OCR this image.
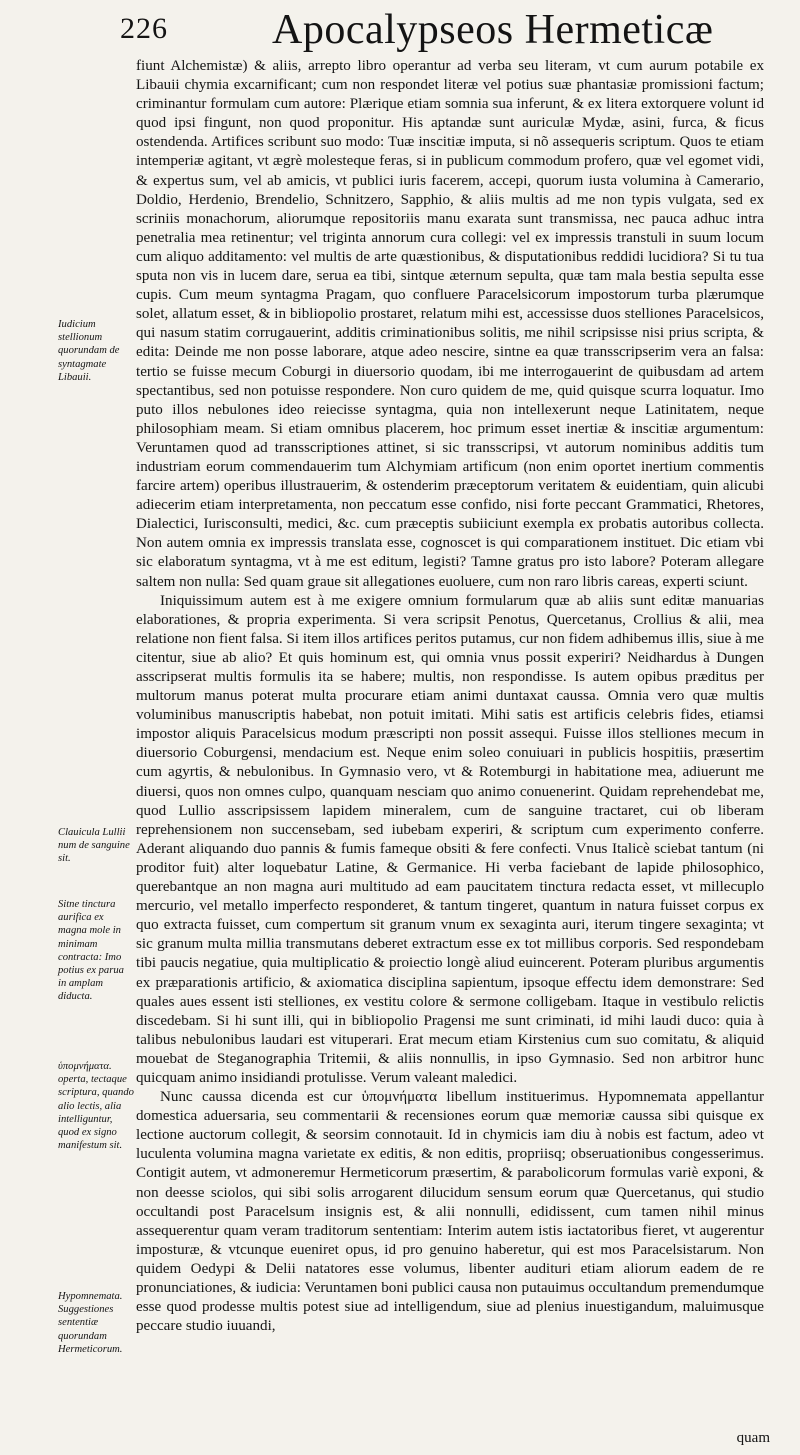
226 Apocalypseos Hermeticæ
Iudicium stellionum quorundam de syntagmate Libauii.
Clauicula Lullii num de sanguine sit.
Sitne tinctura aurifica ex magna mole in minimam contracta: Imo potius ex parua in amplam diducta.
ὑπομνήματα. operta, tectaque scriptura, quando alio lectis, alia intelliguntur, quod ex signo manifestum sit.
Hypomnemata. Suggestiones sententiæ quorundam Hermeticorum.

fiunt Alchemistæ) & aliis, arrepto libro operantur ad verba seu literam, vt cum aurum potabile ex Libauii chymia excarnificant; cum non respondet literæ vel potius suæ phantasiæ promissioni factum; criminantur formulam cum autore: Plærique etiam somnia sua inferunt, & ex litera extorquere volunt id quod ipsi fingunt, non quod proponitur. His aptandæ sunt auriculæ Mydæ, asini, furca, & ficus ostendenda. Artifices scribunt suo modo: Tuæ inscitiæ imputa, si nõ assequeris scriptum. Quos te etiam intemperiæ agitant, vt ægrè molesteque feras, si in publicum commodum profero, quæ vel egomet vidi, & expertus sum, vel ab amicis, vt publici iuris facerem, accepi, quorum iusta volumina à Camerario, Doldio, Herdenio, Brendelio, Schnitzero, Sapphio, & aliis multis ad me non typis vulgata, sed ex scriniis monachorum, aliorumque repositoriis manu exarata sunt transmissa, nec pauca adhuc intra penetralia mea retinentur; vel triginta annorum cura collegi: vel ex impressis transtuli in suum locum cum aliquo additamento: vel multis de arte quæstionibus, & disputationibus reddidi lucidiora? Si tu tua sputa non vis in lucem dare, serua ea tibi, sintque æternum sepulta, quæ tam mala bestia sepulta esse cupis. Cum meum syntagma Pragam, quo confluere Paracelsicorum impostorum turba plærumque solet, allatum esset, & in bibliopolio prostaret, relatum mihi est, accessisse duos stelliones Paracelsicos, qui nasum statim corrugauerint, additis criminationibus solitis, me nihil scripsisse nisi prius scripta, & edita: Deinde me non posse laborare, atque adeo nescire, sintne ea quæ transscripserim vera an falsa: tertio se fuisse mecum Coburgi in diuersorio quodam, ibi me interrogauerint de quibusdam ad artem spectantibus, sed non potuisse respondere. Non curo quidem de me, quid quisque scurra loquatur. Imo puto illos nebulones ideo reiecisse syntagma, quia non intellexerunt neque Latinitatem, neque philosophiam meam. Si etiam omnibus placerem, hoc primum esset inertiæ & inscitiæ argumentum: Veruntamen quod ad transscriptiones attinet, si sic transscripsi, vt autorum nominibus additis tum industriam eorum commendauerim tum Alchymiam artificum (non enim oportet inertium commentis farcire artem) operibus illustrauerim, & ostenderim præceptorum veritatem & euidentiam, quin alicubi adiecerim etiam interpretamenta, non peccatum esse confido, nisi forte peccant Grammatici, Rhetores, Dialectici, Iurisconsulti, medici, &c. cum præceptis subiiciunt exempla ex probatis autoribus collecta. Non autem omnia ex impressis translata esse, cognoscet is qui comparationem instituet. Dic etiam vbi sic elaboratum syntagma, vt à me est editum, legisti? Tamne gratus pro isto labore? Poteram allegare saltem non nulla: Sed quam graue sit allegationes euoluere, cum non raro libris careas, experti sciunt.

Iniquissimum autem est à me exigere omnium formularum quæ ab aliis sunt editæ manuarias elaborationes, & propria experimenta. Si vera scripsit Penotus, Quercetanus, Crollius & alii, mea relatione non fient falsa. Si item illos artifices peritos putamus, cur non fidem adhibemus illis, siue à me citentur, siue ab alio? Et quis hominum est, qui omnia vnus possit experiri? Neidhardus à Dungen asscripserat multis formulis ita se habere; multis, non respondisse. Is autem opibus præditus per multorum manus poterat multa procurare etiam animi duntaxat caussa. Omnia vero quæ multis voluminibus manuscriptis habebat, non potuit imitati. Mihi satis est artificis celebris fides, etiamsi impostor aliquis Paracelsicus modum præscripti non possit assequi. Fuisse illos stelliones mecum in diuersorio Coburgensi, mendacium est. Neque enim soleo conuiuari in publicis hospitiis, præsertim cum agyrtis, & nebulonibus. In Gymnasio vero, vt & Rotemburgi in habitatione mea, adiuerunt me diuersi, quos non omnes culpo, quanquam nesciam quo animo conuenerint. Quidam reprehendebat me, quod Lullio asscripsissem lapidem mineralem, cum de sanguine tractaret, cui ob liberam reprehensionem non succensebam, sed iubebam experiri, & scriptum cum experimento conferre. Aderant aliquando duo pannis & fumis fameque obsiti & fere confecti. Vnus Italicè sciebat tantum (ni proditor fuit) alter loquebatur Latine, & Germanice. Hi verba faciebant de lapide philosophico, querebantque an non magna auri multitudo ad eam paucitatem tinctura redacta esset, vt millecuplo mercurio, vel metallo imperfecto responderet, & tantum tingeret, quantum in natura fuisset corpus ex quo extracta fuisset, cum compertum sit granum vnum ex sexaginta auri, iterum tingere sexaginta; vt sic granum multa millia transmutans deberet extractum esse ex tot millibus corporis. Sed respondebam tibi paucis negatiue, quia multiplicatio & proiectio longè aliud euincerent. Poteram pluribus argumentis ex præparationis artificio, & axiomatica disciplina sapientum, ipsoque effectu idem demonstrare: Sed quales aues essent isti stelliones, ex vestitu colore & sermone colligebam. Itaque in vestibulo relictis discedebam. Si hi sunt illi, qui in bibliopolio Pragensi me sunt criminati, id mihi laudi duco: quia à talibus nebulonibus laudari est vituperari. Erat mecum etiam Kirstenius cum suo comitatu, & aliquid mouebat de Steganographia Tritemii, & aliis nonnullis, in ipso Gymnasio. Sed non arbitror hunc quicquam animo insidiandi protulisse. Verum valeant maledici.

Nunc caussa dicenda est cur ὑπομνήματα libellum instituerimus. Hypomnemata appellantur domestica aduersaria, seu commentarii & recensiones eorum quæ memoriæ caussa sibi quisque ex lectione auctorum collegit, & seorsim connotauit. Id in chymicis iam diu à nobis est factum, adeo vt luculenta volumina magna varietate ex editis, & non editis, propriisq; obseruationibus congesserimus. Contigit autem, vt admoneremur Hermeticorum præsertim, & parabolicorum formulas variè exponi, & non deesse sciolos, qui sibi solis arrogarent dilucidum sensum eorum quæ Quercetanus, qui studio occultandi post Paracelsum insignis est, & alii nonnulli, edidissent, cum tamen nihil minus assequerentur quam veram traditorum sententiam: Interim autem istis iactatoribus fieret, vt augerentur imposturæ, & vtcunque eueniret opus, id pro genuino haberetur, qui est mos Paracelsistarum. Non quidem Oedypi & Delii natatores esse volumus, libenter audituri etiam aliorum eadem de re pronunciationes, & iudicia: Veruntamen boni publici causa non putauimus occultandum premendumque esse quod prodesse multis potest siue ad intelligendum, siue ad plenius inuestigandum, maluimusque peccare studio iuuandi,

quam
